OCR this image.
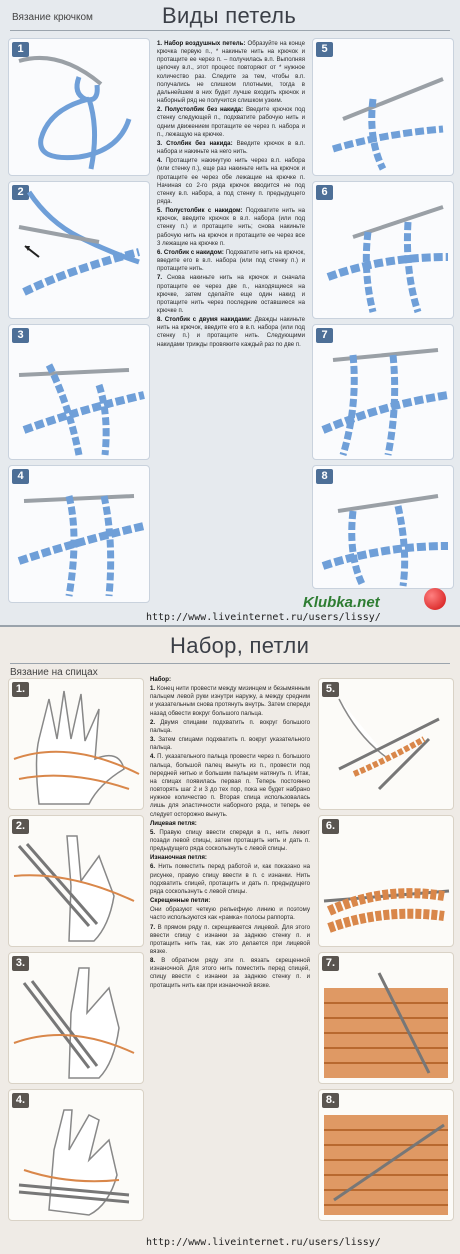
Вязание крючком	Виды петель
1
2
3
4
5
6
7
8

1. Набор воздушных петель: Образуйте на конце крючка первую п., * накиньте нить на крючок и протащите ее через п. – получилась в.п. Выполняя цепочку в.п., этот процесс повторяют от * нужное количество раз. Следите за тем, чтобы в.п. получались не слишком плотными, тогда в дальнейшем в них будет лучше входить крючок и наборный ряд не получится слишком узким.

2. Полустолбик без накида: Введите крючок под стенку следующей п., подхватите рабочую нить и одним движением протащите ее через п. набора и п., лежащую на крючке.

3. Столбик без накида: Введите крючок в в.п. набора и накиньте на него нить.

4. Протащите накинутую нить через в.п. набора (или стенку п.), еще раз накиньте нить на крючок и протащите ее через обе лежащие на крючке п. Начиная со 2-го ряда крючок вводится не под стенку в.п. набора, а под стенку п. предыдущего ряда.

5. Полустолбик с накидом: Подхватите нить на крючок, введите крючок в в.п. набора (или под стенку п.) и протащите нить; снова накиньте рабочую нить на крючок и протащите ее через все 3 лежащие на крючке п.

6. Столбик с накидом: Подхватите нить на крючок, введите его в в.п. набора (или под стенку п.) и протащите нить.

7. Снова накиньте нить на крючок и сначала протащите ее через две п., находящиеся на крючке, затем сделайте еще один накид и протащите нить через последние оставшиеся на крючке п.

8. Столбик с двумя накидами: Дважды накиньте нить на крючок, введите его в в.п. набора (или под стенку п.) и протащите нить. Следующими накидами трижды провяжите каждый раз по две п.

Klubka.net
http://www.liveinternet.ru/users/lissy/
Набор, петли
Вязание на спицах
1.
2.
3.
4.
5.
6.
7.
8.

Набор:

1. Конец нити провести между мизинцем и безымянным пальцем левой руки изнутри наружу, а между средним и указательным снова протянуть внутрь. Затем спереди назад обвести вокруг большого пальца.

2. Двумя спицами подхватить п. вокруг большого пальца.

3. Затем спицами подхватить п. вокруг указательного пальца.

4. П. указательного пальца провести через п. большого пальца, большой палец вынуть из п., провести под передней нитью и большим пальцем натянуть п. Итак, на спицах появилась первая п. Теперь постоянно повторять шаг 2 и 3 до тех пор, пока не будет набрано нужное количество п. Вторая спица использовалась лишь для эластичности наборного ряда, и теперь ее следует осторожно вынуть.

Лицевая петля:

5. Правую спицу ввести спереди в п., нить лежит позади левой спицы, затем протащить нить и дать п. предыдущего ряда соскользнуть с левой спицы.

Изнаночная петля:

6. Нить поместить перед работой и, как показано на рисунке, правую спицу ввести в п. с изнанки. Нить подхватить спицей, протащить и дать п. предыдущего ряда соскользнуть с левой спицы.

Скрещенные петли:

Они образуют четкую рельефную линию и поэтому часто используются как «рамка» полосы раппорта.

7. В прямом ряду п. скрещивается лицевой. Для этого ввести спицу с изнанки за заднюю стенку п. и протащить нить так, как это делается при лицевой вязке.

8. В обратном ряду эти п. вязать скрещенной изнаночной. Для этого нить поместить перед спицей, спицу ввести с изнанки за заднюю стенку п. и протащить нить как при изнаночной вязке.

http://www.liveinternet.ru/users/lissy/
